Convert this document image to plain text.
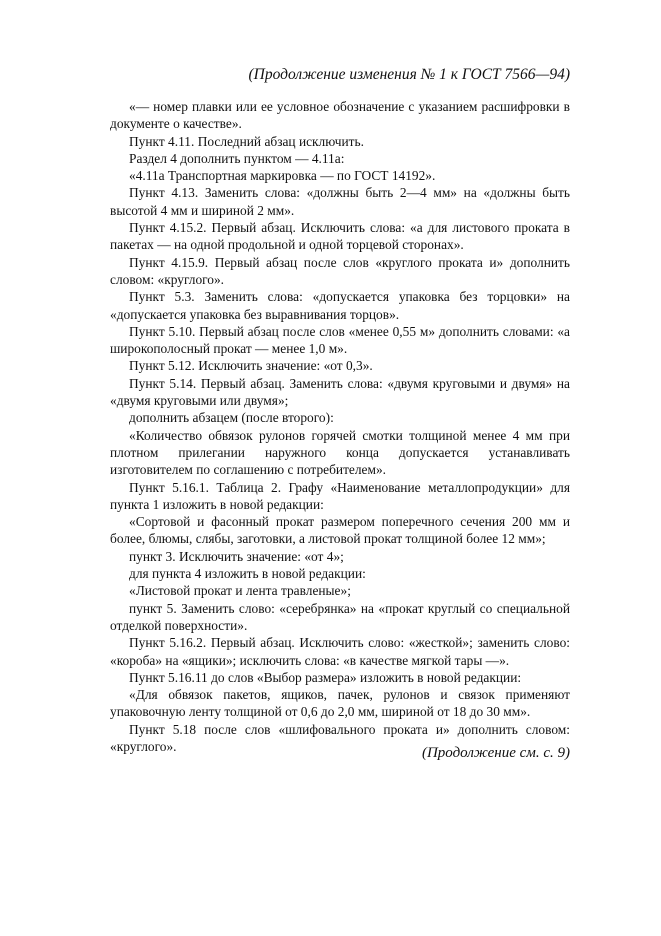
(Продолжение изменения № 1 к ГОСТ 7566—94)

«— номер плавки или ее условное обозначение с указанием расшифровки в документе о качестве».

Пункт 4.11. Последний абзац исключить.

Раздел 4 дополнить пунктом — 4.11а:

«4.11а Транспортная маркировка — по ГОСТ 14192».

Пункт 4.13. Заменить слова: «должны быть 2—4 мм» на «должны быть высотой 4 мм и шириной 2 мм».

Пункт 4.15.2. Первый абзац. Исключить слова: «а для листового проката в пакетах — на одной продольной и одной торцевой сторонах».

Пункт 4.15.9. Первый абзац после слов «круглого проката и» дополнить словом: «круглого».

Пункт 5.3. Заменить слова: «допускается упаковка без торцовки» на «допускается упаковка без выравнивания торцов».

Пункт 5.10. Первый абзац после слов «менее 0,55 м» дополнить словами: «а широкополосный прокат — менее 1,0 м».

Пункт 5.12. Исключить значение: «от 0,3».

Пункт 5.14. Первый абзац. Заменить слова: «двумя круговыми и двумя» на «двумя круговыми или двумя»;

дополнить абзацем (после второго):

«Количество обвязок рулонов горячей смотки толщиной менее 4 мм при плотном прилегании наружного конца допускается устанавливать изготовителем по соглашению с потребителем».

Пункт 5.16.1. Таблица 2. Графу «Наименование металлопродукции» для пункта 1 изложить в новой редакции:

«Сортовой и фасонный прокат размером поперечного сечения 200 мм и более, блюмы, слябы, заготовки, а листовой прокат толщиной более 12 мм»;

пункт 3. Исключить значение: «от 4»;

для пункта 4 изложить в новой редакции:

«Листовой прокат и лента травленые»;

пункт 5. Заменить слово: «серебрянка» на «прокат круглый со специальной отделкой поверхности».

Пункт 5.16.2. Первый абзац. Исключить слово: «жесткой»; заменить слово: «короба» на «ящики»; исключить слова: «в качестве мягкой тары —».

Пункт 5.16.11 до слов «Выбор размера» изложить в новой редакции:

«Для обвязок пакетов, ящиков, пачек, рулонов и связок применяют упаковочную ленту толщиной от 0,6 до 2,0 мм, шириной от 18 до 30 мм».

Пункт 5.18 после слов «шлифовального проката и» дополнить словом: «круглого».	(Продолжение см. с. 9)
